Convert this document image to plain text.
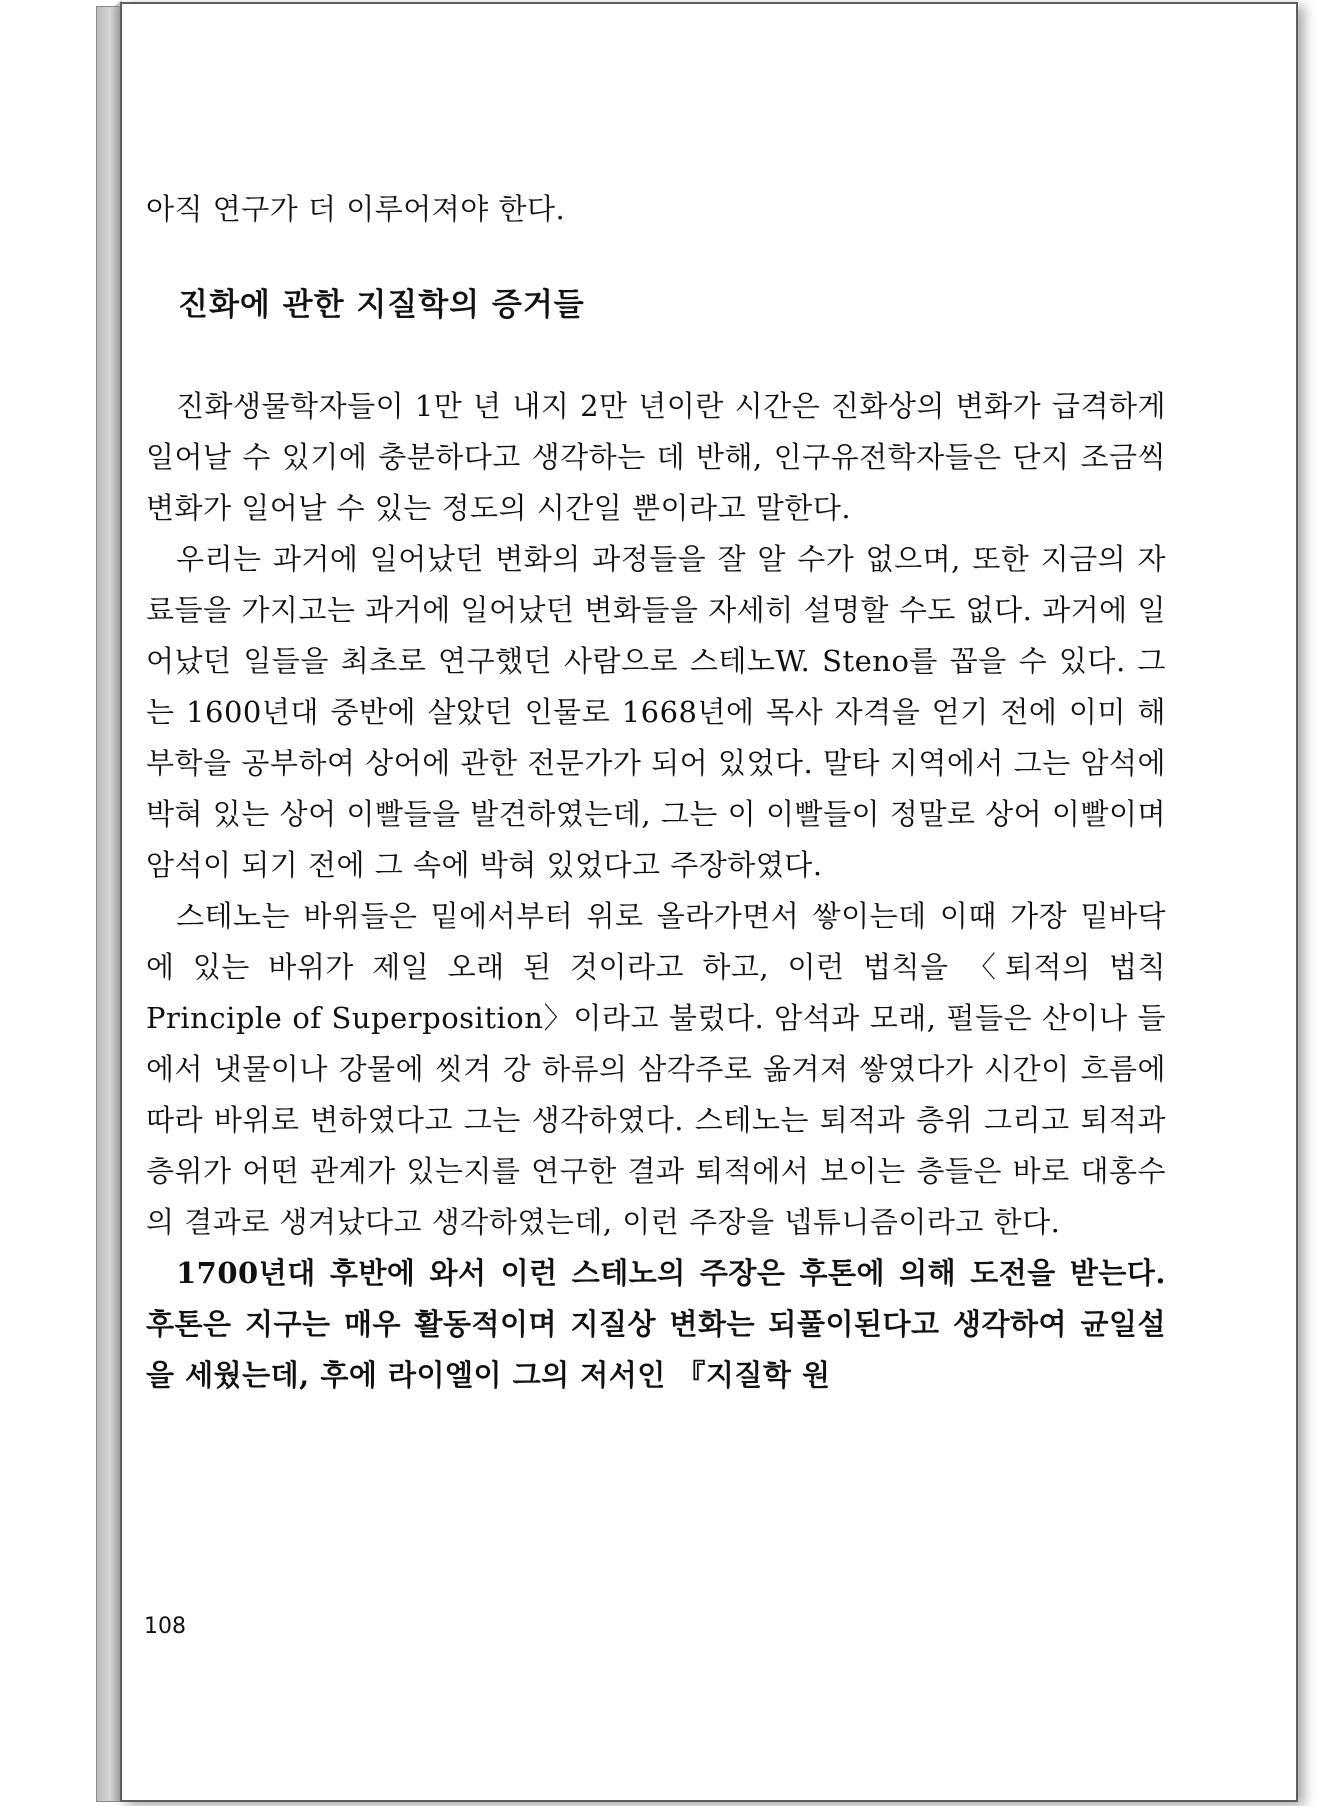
아직 연구가 더 이루어져야 한다.

진화에 관한 지질학의 증거들

진화생물학자들이 1만 년 내지 2만 년이란 시간은 진화상의 변화가 급격하게 일어날 수 있기에 충분하다고 생각하는 데 반해, 인구유전학자들은 단지 조금씩 변화가 일어날 수 있는 정도의 시간일 뿐이라고 말한다.

우리는 과거에 일어났던 변화의 과정들을 잘 알 수가 없으며, 또한 지금의 자료들을 가지고는 과거에 일어났던 변화들을 자세히 설명할 수도 없다. 과거에 일어났던 일들을 최초로 연구했던 사람으로 스테노W. Steno를 꼽을 수 있다. 그는 1600년대 중반에 살았던 인물로 1668년에 목사 자격을 얻기 전에 이미 해부학을 공부하여 상어에 관한 전문가가 되어 있었다. 말타 지역에서 그는 암석에 박혀 있는 상어 이빨들을 발견하였는데, 그는 이 이빨들이 정말로 상어 이빨이며 암석이 되기 전에 그 속에 박혀 있었다고 주장하였다.

스테노는 바위들은 밑에서부터 위로 올라가면서 쌓이는데 이때 가장 밑바닥에 있는 바위가 제일 오래 된 것이라고 하고, 이런 법칙을 〈퇴적의 법칙 Principle of Superposition〉이라고 불렀다. 암석과 모래, 펄들은 산이나 들에서 냇물이나 강물에 씻겨 강 하류의 삼각주로 옮겨져 쌓였다가 시간이 흐름에 따라 바위로 변하였다고 그는 생각하였다. 스테노는 퇴적과 층위 그리고 퇴적과 층위가 어떤 관계가 있는지를 연구한 결과 퇴적에서 보이는 층들은 바로 대홍수의 결과로 생겨났다고 생각하였는데, 이런 주장을 넵튜니즘이라고 한다.

1700년대 후반에 와서 이런 스테노의 주장은 후톤에 의해 도전을 받는다. 후톤은 지구는 매우 활동적이며 지질상 변화는 되풀이된다고 생각하여 균일설을 세웠는데, 후에 라이엘이 그의 저서인 『지질학 원

108
